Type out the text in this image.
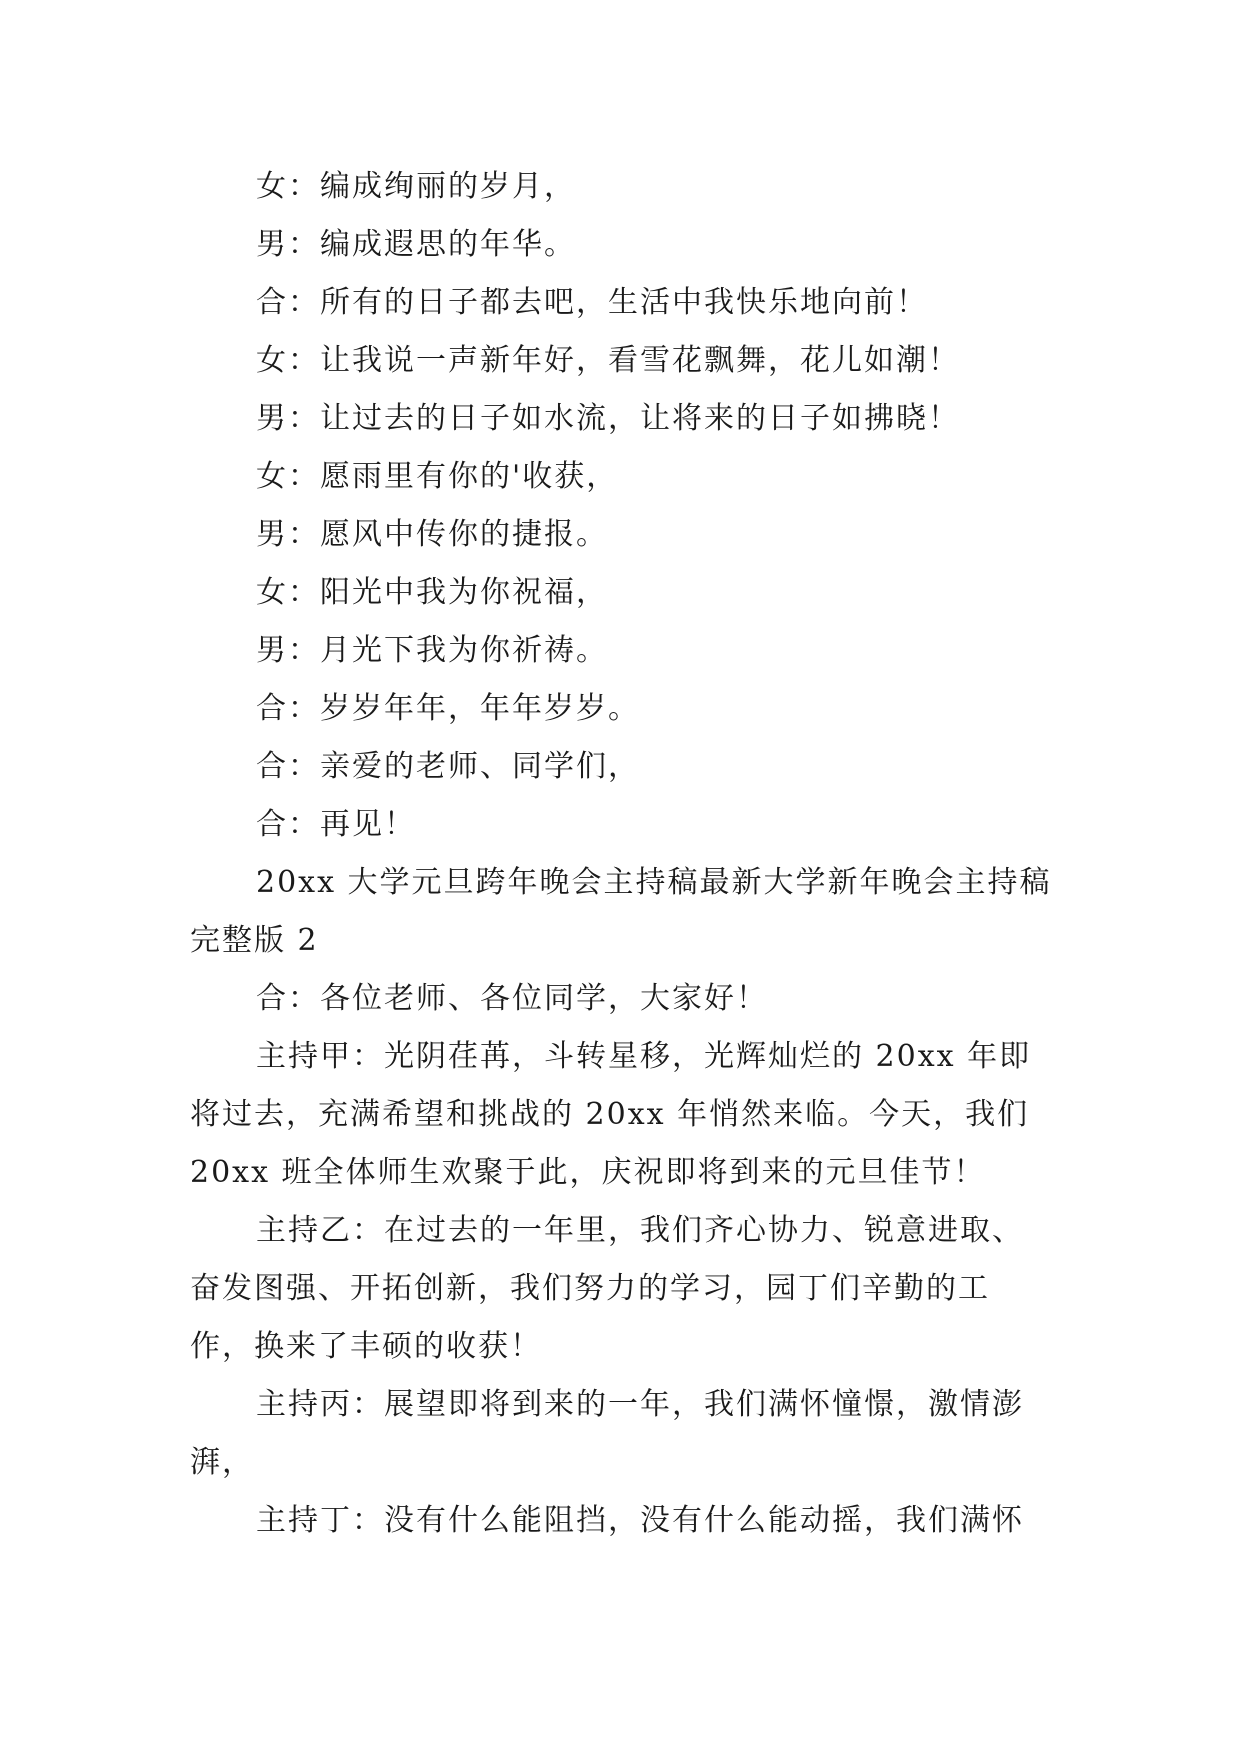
女：编成绚丽的岁月，

男：编成遐思的年华。

合：所有的日子都去吧，生活中我快乐地向前！

女：让我说一声新年好，看雪花飘舞，花儿如潮！

男：让过去的日子如水流，让将来的日子如拂晓！

女：愿雨里有你的'收获，

男：愿风中传你的捷报。

女：阳光中我为你祝福，

男：月光下我为你祈祷。

合：岁岁年年，年年岁岁。

合：亲爱的老师、同学们，

合：再见！

20xx 大学元旦跨年晚会主持稿最新大学新年晚会主持稿完整版 2

合：各位老师、各位同学，大家好！

主持甲：光阴荏苒，斗转星移，光辉灿烂的 20xx 年即将过去，充满希望和挑战的 20xx 年悄然来临。今天，我们 20xx 班全体师生欢聚于此，庆祝即将到来的元旦佳节！

主持乙：在过去的一年里，我们齐心协力、锐意进取、奋发图强、开拓创新，我们努力的学习，园丁们辛勤的工作，换来了丰硕的收获！

主持丙：展望即将到来的一年，我们满怀憧憬，激情澎湃，

主持丁：没有什么能阻挡，没有什么能动摇，我们满怀
